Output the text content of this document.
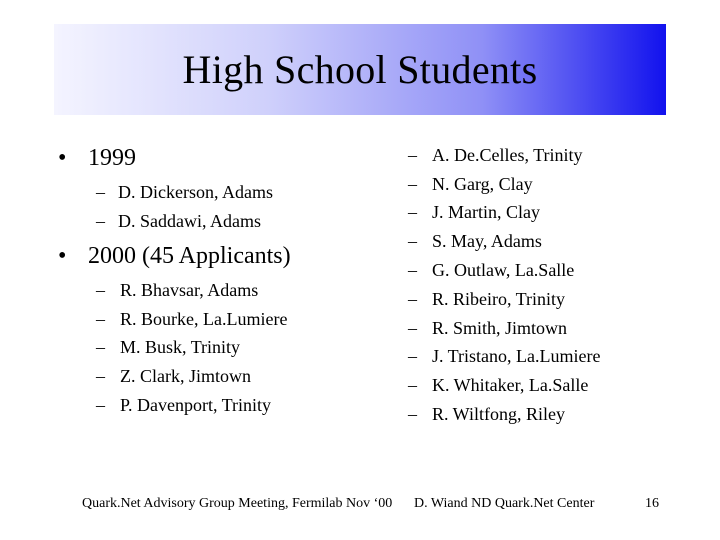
High School Students
• 1999
– D. Dickerson, Adams
– D. Saddawi, Adams
• 2000 (45 Applicants)
– R. Bhavsar, Adams
– R. Bourke, La.Lumiere
– M. Busk, Trinity
– Z. Clark, Jimtown
– P. Davenport, Trinity
– A. De.Celles, Trinity
– N. Garg, Clay
– J. Martin, Clay
– S. May, Adams
– G. Outlaw, La.Salle
– R. Ribeiro, Trinity
– R. Smith, Jimtown
– J. Tristano, La.Lumiere
– K. Whitaker, La.Salle
– R. Wiltfong, Riley
Quark.Net Advisory Group Meeting, Fermilab Nov ‘00 D. Wiand ND Quark.Net Center	16
